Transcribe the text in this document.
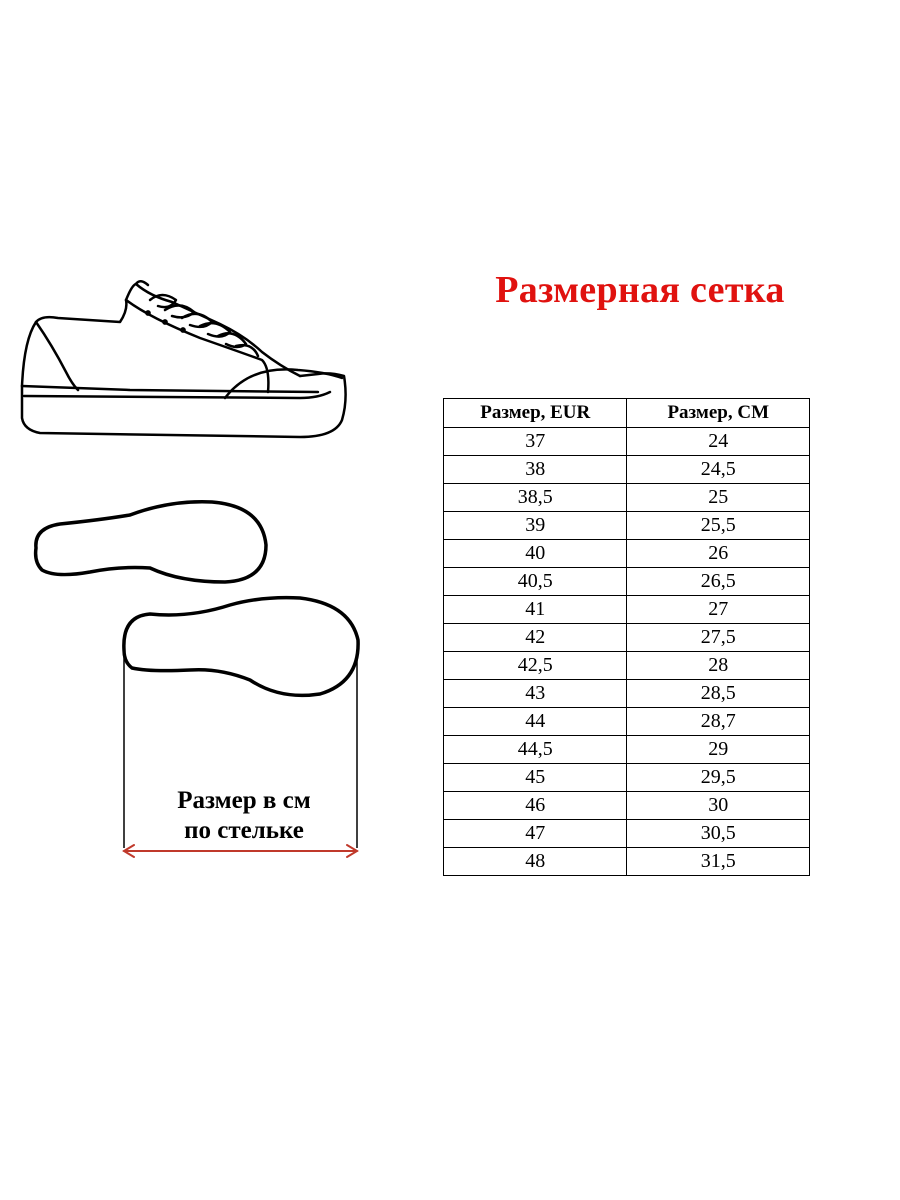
Размерная сетка
Размер в см
по стельке
Размер, EUR	Размер, СМ
37	24
38	24,5
38,5	25
39	25,5
40	26
40,5	26,5
41	27
42	27,5
42,5	28
43	28,5
44	28,7
44,5	29
45	29,5
46	30
47	30,5
48	31,5
